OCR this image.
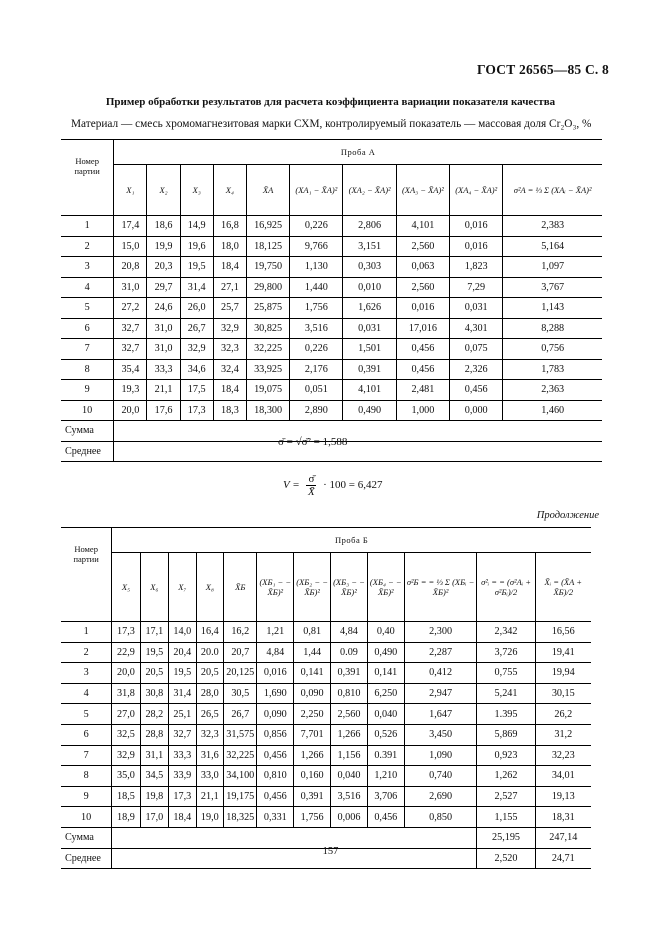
ГОСТ 26565—85 С. 8
Пример обработки результатов для расчета коэффициента вариации показателя качества
Материал — смесь хромомагнезитовая марки СХМ, контролируемый показатель — массовая доля Cr₂O₃, %
Номер
партии	Проба А									
	X₁	X₂	X₃	X₄	X̄A	(XA₁ − X̄A)²	(XA₂ − X̄A)²	(XA₃ − X̄A)²	(XA₄ − X̄A)²	σ²A = ⅓ Σ (XAᵢ − X̄A)²
1	17,4	18,6	14,9	16,8	16,925	0,226	2,806	4,101	0,016	2,383
2	15,0	19,9	19,6	18,0	18,125	9,766	3,151	2,560	0,016	5,164
3	20,8	20,3	19,5	18,4	19,750	1,130	0,303	0,063	1,823	1,097
4	31,0	29,7	31,4	27,1	29,800	1,440	0,010	2,560	7,29	3,767
5	27,2	24,6	26,0	25,7	25,875	1,756	1,626	0,016	0,031	1,143
6	32,7	31,0	26,7	32,9	30,825	3,516	0,031	17,016	4,301	8,288
7	32,7	31,0	32,9	32,3	32,225	0,226	1,501	0,456	0,075	0,756
8	35,4	33,3	34,6	32,4	33,925	2,176	0,391	0,456	2,326	1,783
9	19,3	21,1	17,5	18,4	19,075	0,051	4,101	2,481	0,456	2,363
10	20,0	17,6	17,3	18,3	18,300	2,890	0,490	1,000	0,000	1,460
Сумма										
Среднее										
σ̄ = √σ̄² = 1,588
$V = \frac{\sigmā}{X̄} \cdot 100 = 6,427$
Продолжение
Номер
партии	Проба Б											
	X₅	X₆	X₇	X₈	X̄Б	(XБ₁ − − X̄Б)²	(XБ₂ − − X̄Б)²	(XБ₃ − − X̄Б)²	(XБ₄ − − X̄Б)²	σ²Б = = ⅓ Σ (XБᵢ − X̄Б)²	σ²ᵢ = = (σ²Aᵢ + σ²Бᵢ)/2	X̄ᵢ = (X̄A + X̄Б)/2
1	17,3	17,1	14,0	16,4	16,2	1,21	0,81	4,84	0,40	2,300	2,342	16,56
2	22,9	19,5	20,4	20.0	20,7	4,84	1,44	0.09	0,490	2,287	3,726	19,41
3	20,0	20,5	19,5	20,5	20,125	0,016	0,141	0,391	0,141	0,412	0,755	19,94
4	31,8	30,8	31,4	28,0	30,5	1,690	0,090	0,810	6,250	2,947	5,241	30,15
5	27,0	28,2	25,1	26,5	26,7	0,090	2,250	2,560	0,040	1,647	1.395	26,2
6	32,5	28,8	32,7	32,3	31,575	0,856	7,701	1,266	0,526	3,450	5,869	31,2
7	32,9	31,1	33,3	31,6	32,225	0,456	1,266	1,156	0.391	1,090	0,923	32,23
8	35,0	34,5	33,9	33,0	34,100	0,810	0,160	0,040	1,210	0,740	1,262	34,01
9	18,5	19,8	17,3	21,1	19,175	0,456	0,391	3,516	3,706	2,690	2,527	19,13
10	18,9	17,0	18,4	19,0	18,325	0,331	1,756	0,006	0,456	0,850	1,155	18,31
Сумма											25,195	247,14
Среднее											2,520	24,71
157
